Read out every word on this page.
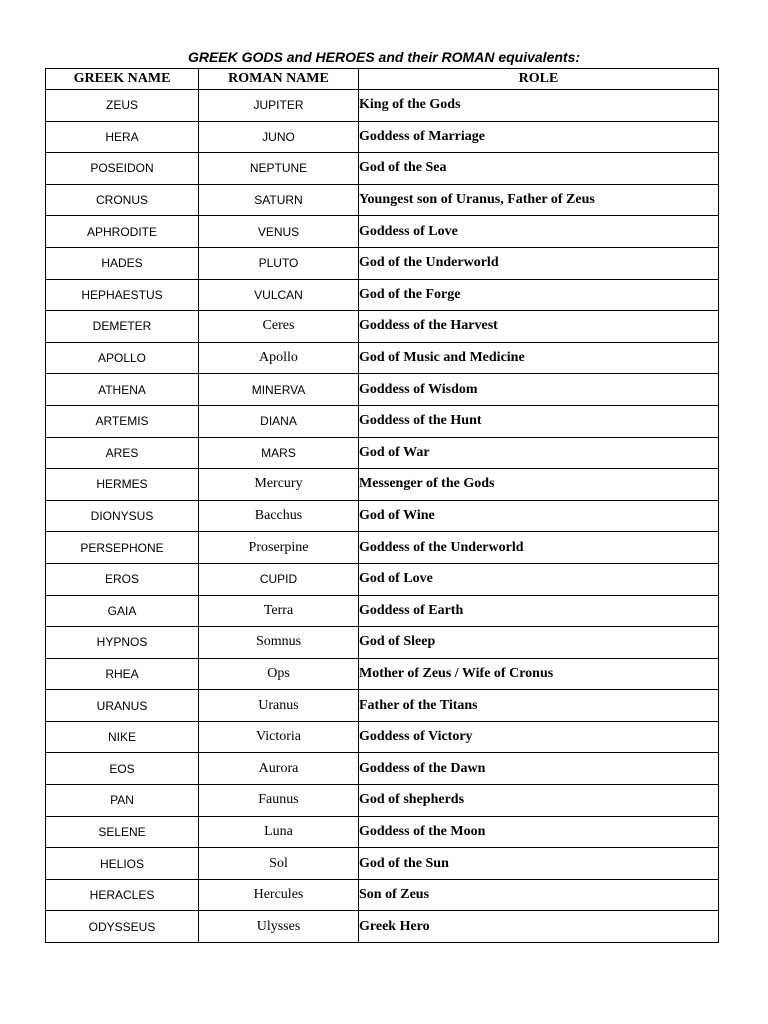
GREEK GODS and HEROES and their ROMAN equivalents:
GREEK NAME	ROMAN NAME	ROLE
ZEUS	JUPITER	King of the Gods
HERA	JUNO	Goddess of Marriage
POSEIDON	NEPTUNE	God of the Sea
CRONUS	SATURN	Youngest son of Uranus, Father of Zeus
APHRODITE	VENUS	Goddess of Love
HADES	PLUTO	God of the Underworld
HEPHAESTUS	VULCAN	God of the Forge
DEMETER	Ceres	Goddess of the Harvest
APOLLO	Apollo	God of Music and Medicine
ATHENA	MINERVA	Goddess of Wisdom
ARTEMIS	DIANA	Goddess of the Hunt
ARES	MARS	God of War
HERMES	Mercury	Messenger of the Gods
DIONYSUS	Bacchus	God of Wine
PERSEPHONE	Proserpine	Goddess of the Underworld
EROS	CUPID	God of Love
GAIA	Terra	Goddess of Earth
HYPNOS	Somnus	God of Sleep
RHEA	Ops	Mother of Zeus / Wife of Cronus
URANUS	Uranus	Father of the Titans
NIKE	Victoria	Goddess of Victory
EOS	Aurora	Goddess of the Dawn
PAN	Faunus	God of shepherds
SELENE	Luna	Goddess of the Moon
HELIOS	Sol	God of the Sun
HERACLES	Hercules	Son of Zeus
ODYSSEUS	Ulysses	Greek Hero
